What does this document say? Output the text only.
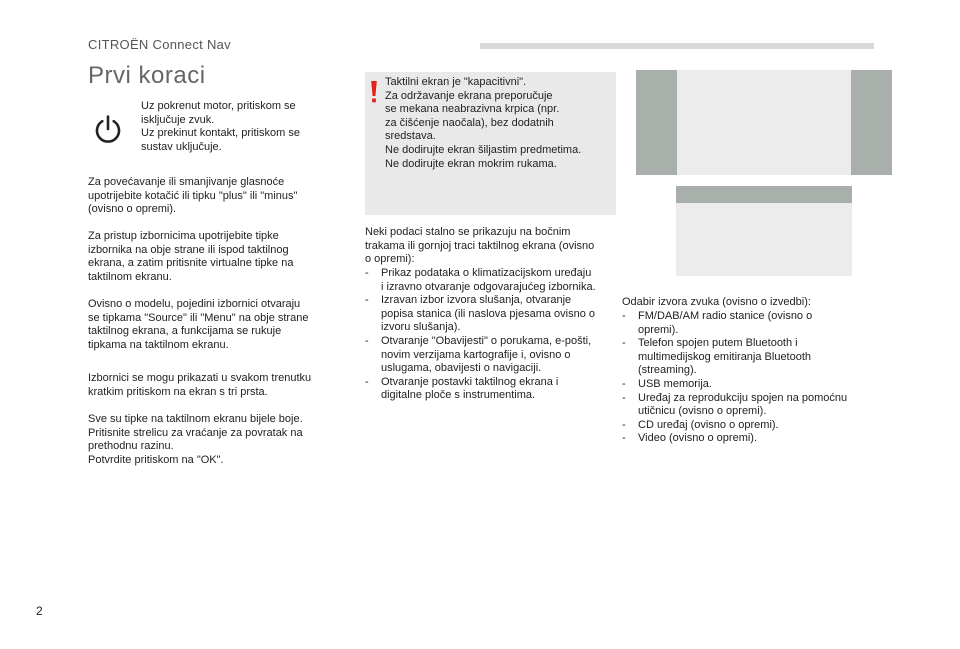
CITROËN Connect Nav
Prvi koraci

Uz pokrenut motor, pritiskom se
isključuje zvuk.
Uz prekinut kontakt, pritiskom se
sustav uključuje.

Za povećavanje ili smanjivanje glasnoće
upotrijebite kotačić ili tipku "plus" ili "minus"
(ovisno o opremi).

Za pristup izbornicima upotrijebite tipke
izbornika na obje strane ili ispod taktilnog
ekrana, a zatim pritisnite virtualne tipke na
taktilnom ekranu.

Ovisno o modelu, pojedini izbornici otvaraju
se tipkama "Source" ili "Menu" na obje strane
taktilnog ekrana, a funkcijama se rukuje
tipkama na taktilnom ekranu.

Izbornici se mogu prikazati u svakom trenutku
kratkim pritiskom na ekran s tri prsta.

Sve su tipke na taktilnom ekranu bijele boje.
Pritisnite strelicu za vraćanje za povratak na
prethodnu razinu.
Potvrdite pritiskom na "OK".

Taktilni ekran je "kapacitivni".
Za održavanje ekrana preporučuje
se mekana neabrazivna krpica (npr.
za čišćenje naočala), bez dodatnih
sredstava.
Ne dodirujte ekran šiljastim predmetima.
Ne dodirujte ekran mokrim rukama.

Neki podaci stalno se prikazuju na bočnim
trakama ili gornjoj traci taktilnog ekrana (ovisno
o opremi):

- Prikaz podataka o klimatizacijskom uređaju
i izravno otvaranje odgovarajućeg izbornika.
- Izravan izbor izvora slušanja, otvaranje
popisa stanica (ili naslova pjesama ovisno o
izvoru slušanja).
- Otvaranje "Obavijesti" o porukama, e-pošti,
novim verzijama kartografije i, ovisno o
uslugama, obavijesti o navigaciji.
- Otvaranje postavki taktilnog ekrana i
digitalne ploče s instrumentima.

Odabir izvora zvuka (ovisno o izvedbi):

- FM/DAB/AM radio stanice (ovisno o
opremi).
- Telefon spojen putem Bluetooth i
multimedijskog emitiranja Bluetooth
(streaming).
- USB memorija.
- Uređaj za reprodukciju spojen na pomoćnu
utičnicu (ovisno o opremi).
- CD uređaj (ovisno o opremi).
- Video (ovisno o opremi).
2
